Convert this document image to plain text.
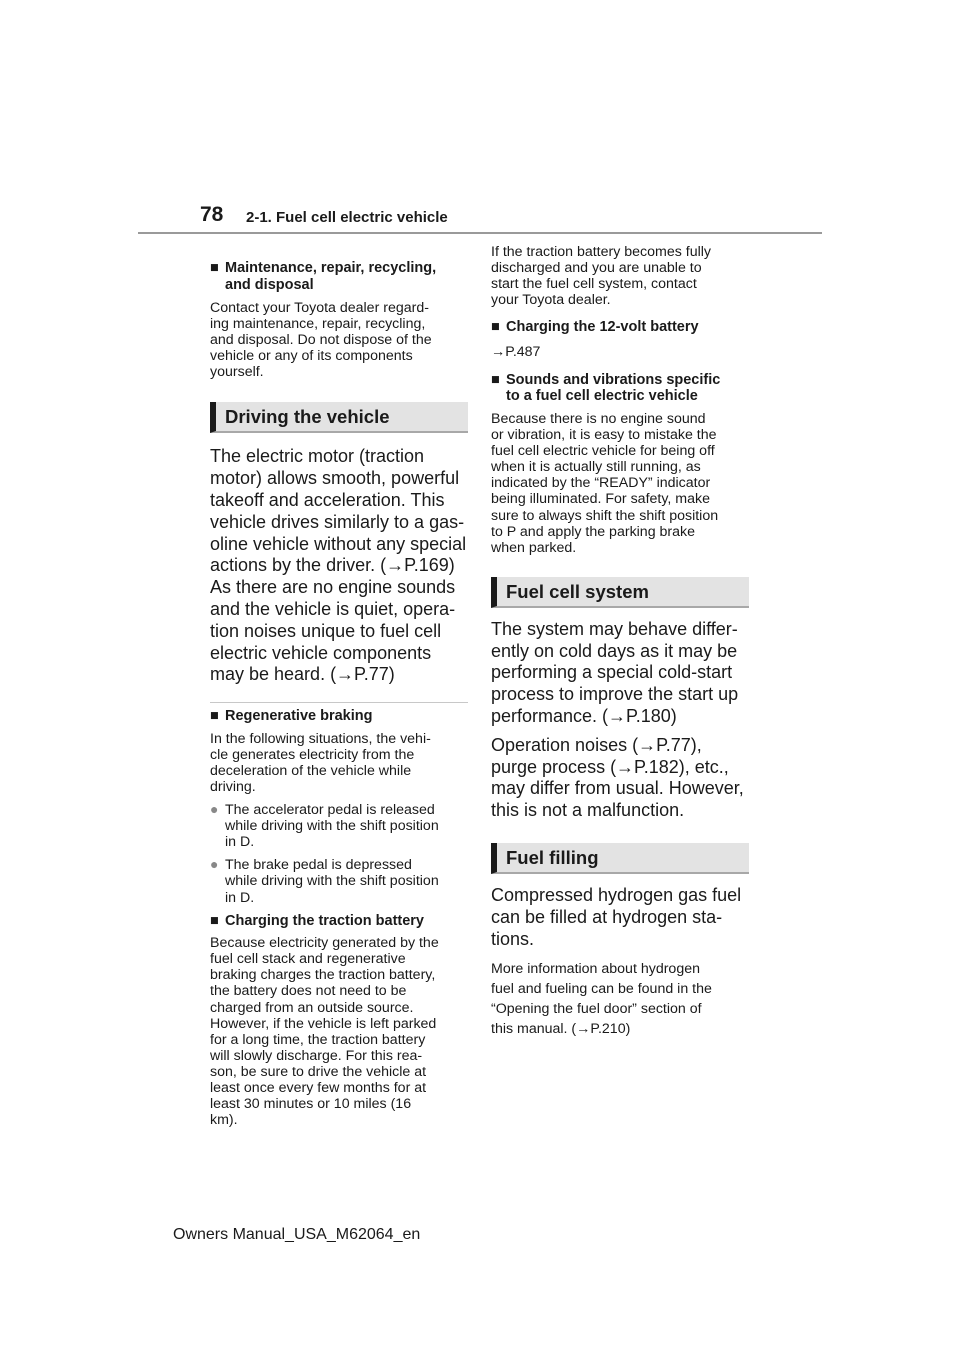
78 2-1. Fuel cell electric vehicle

■ Maintenance, repair, recycling,
and disposal

Contact your Toyota dealer regard-
ing maintenance, repair, recycling,
and disposal. Do not dispose of the
vehicle or any of its components
yourself.

Driving the vehicle

The electric motor (traction
motor) allows smooth, powerful
takeoff and acceleration. This
vehicle drives similarly to a gas-
oline vehicle without any special
actions by the driver. (→P.169)
As there are no engine sounds
and the vehicle is quiet, opera-
tion noises unique to fuel cell
electric vehicle components
may be heard. (→P.77)

■ Regenerative braking

In the following situations, the vehi-
cle generates electricity from the
deceleration of the vehicle while
driving.

● The accelerator pedal is released
while driving with the shift position
in D.

● The brake pedal is depressed
while driving with the shift position
in D.

■ Charging the traction battery

Because electricity generated by the
fuel cell stack and regenerative
braking charges the traction battery,
the battery does not need to be
charged from an outside source.
However, if the vehicle is left parked
for a long time, the traction battery
will slowly discharge. For this rea-
son, be sure to drive the vehicle at
least once every few months for at
least 30 minutes or 10 miles (16
km).

If the traction battery becomes fully
discharged and you are unable to
start the fuel cell system, contact
your Toyota dealer.

■ Charging the 12-volt battery

→P.487

■ Sounds and vibrations specific
to a fuel cell electric vehicle

Because there is no engine sound
or vibration, it is easy to mistake the
fuel cell electric vehicle for being off
when it is actually still running, as
indicated by the “READY” indicator
being illuminated. For safety, make
sure to always shift the shift position
to P and apply the parking brake
when parked.

Fuel cell system

The system may behave differ-
ently on cold days as it may be
performing a special cold-start
process to improve the start up
performance. (→P.180)

Operation noises (→P.77),
purge process (→P.182), etc.,
may differ from usual. However,
this is not a malfunction.

Fuel filling

Compressed hydrogen gas fuel
can be filled at hydrogen sta-
tions.

More information about hydrogen
fuel and fueling can be found in the
“Opening the fuel door” section of
this manual. (→P.210)

Owners Manual_USA_M62064_en
